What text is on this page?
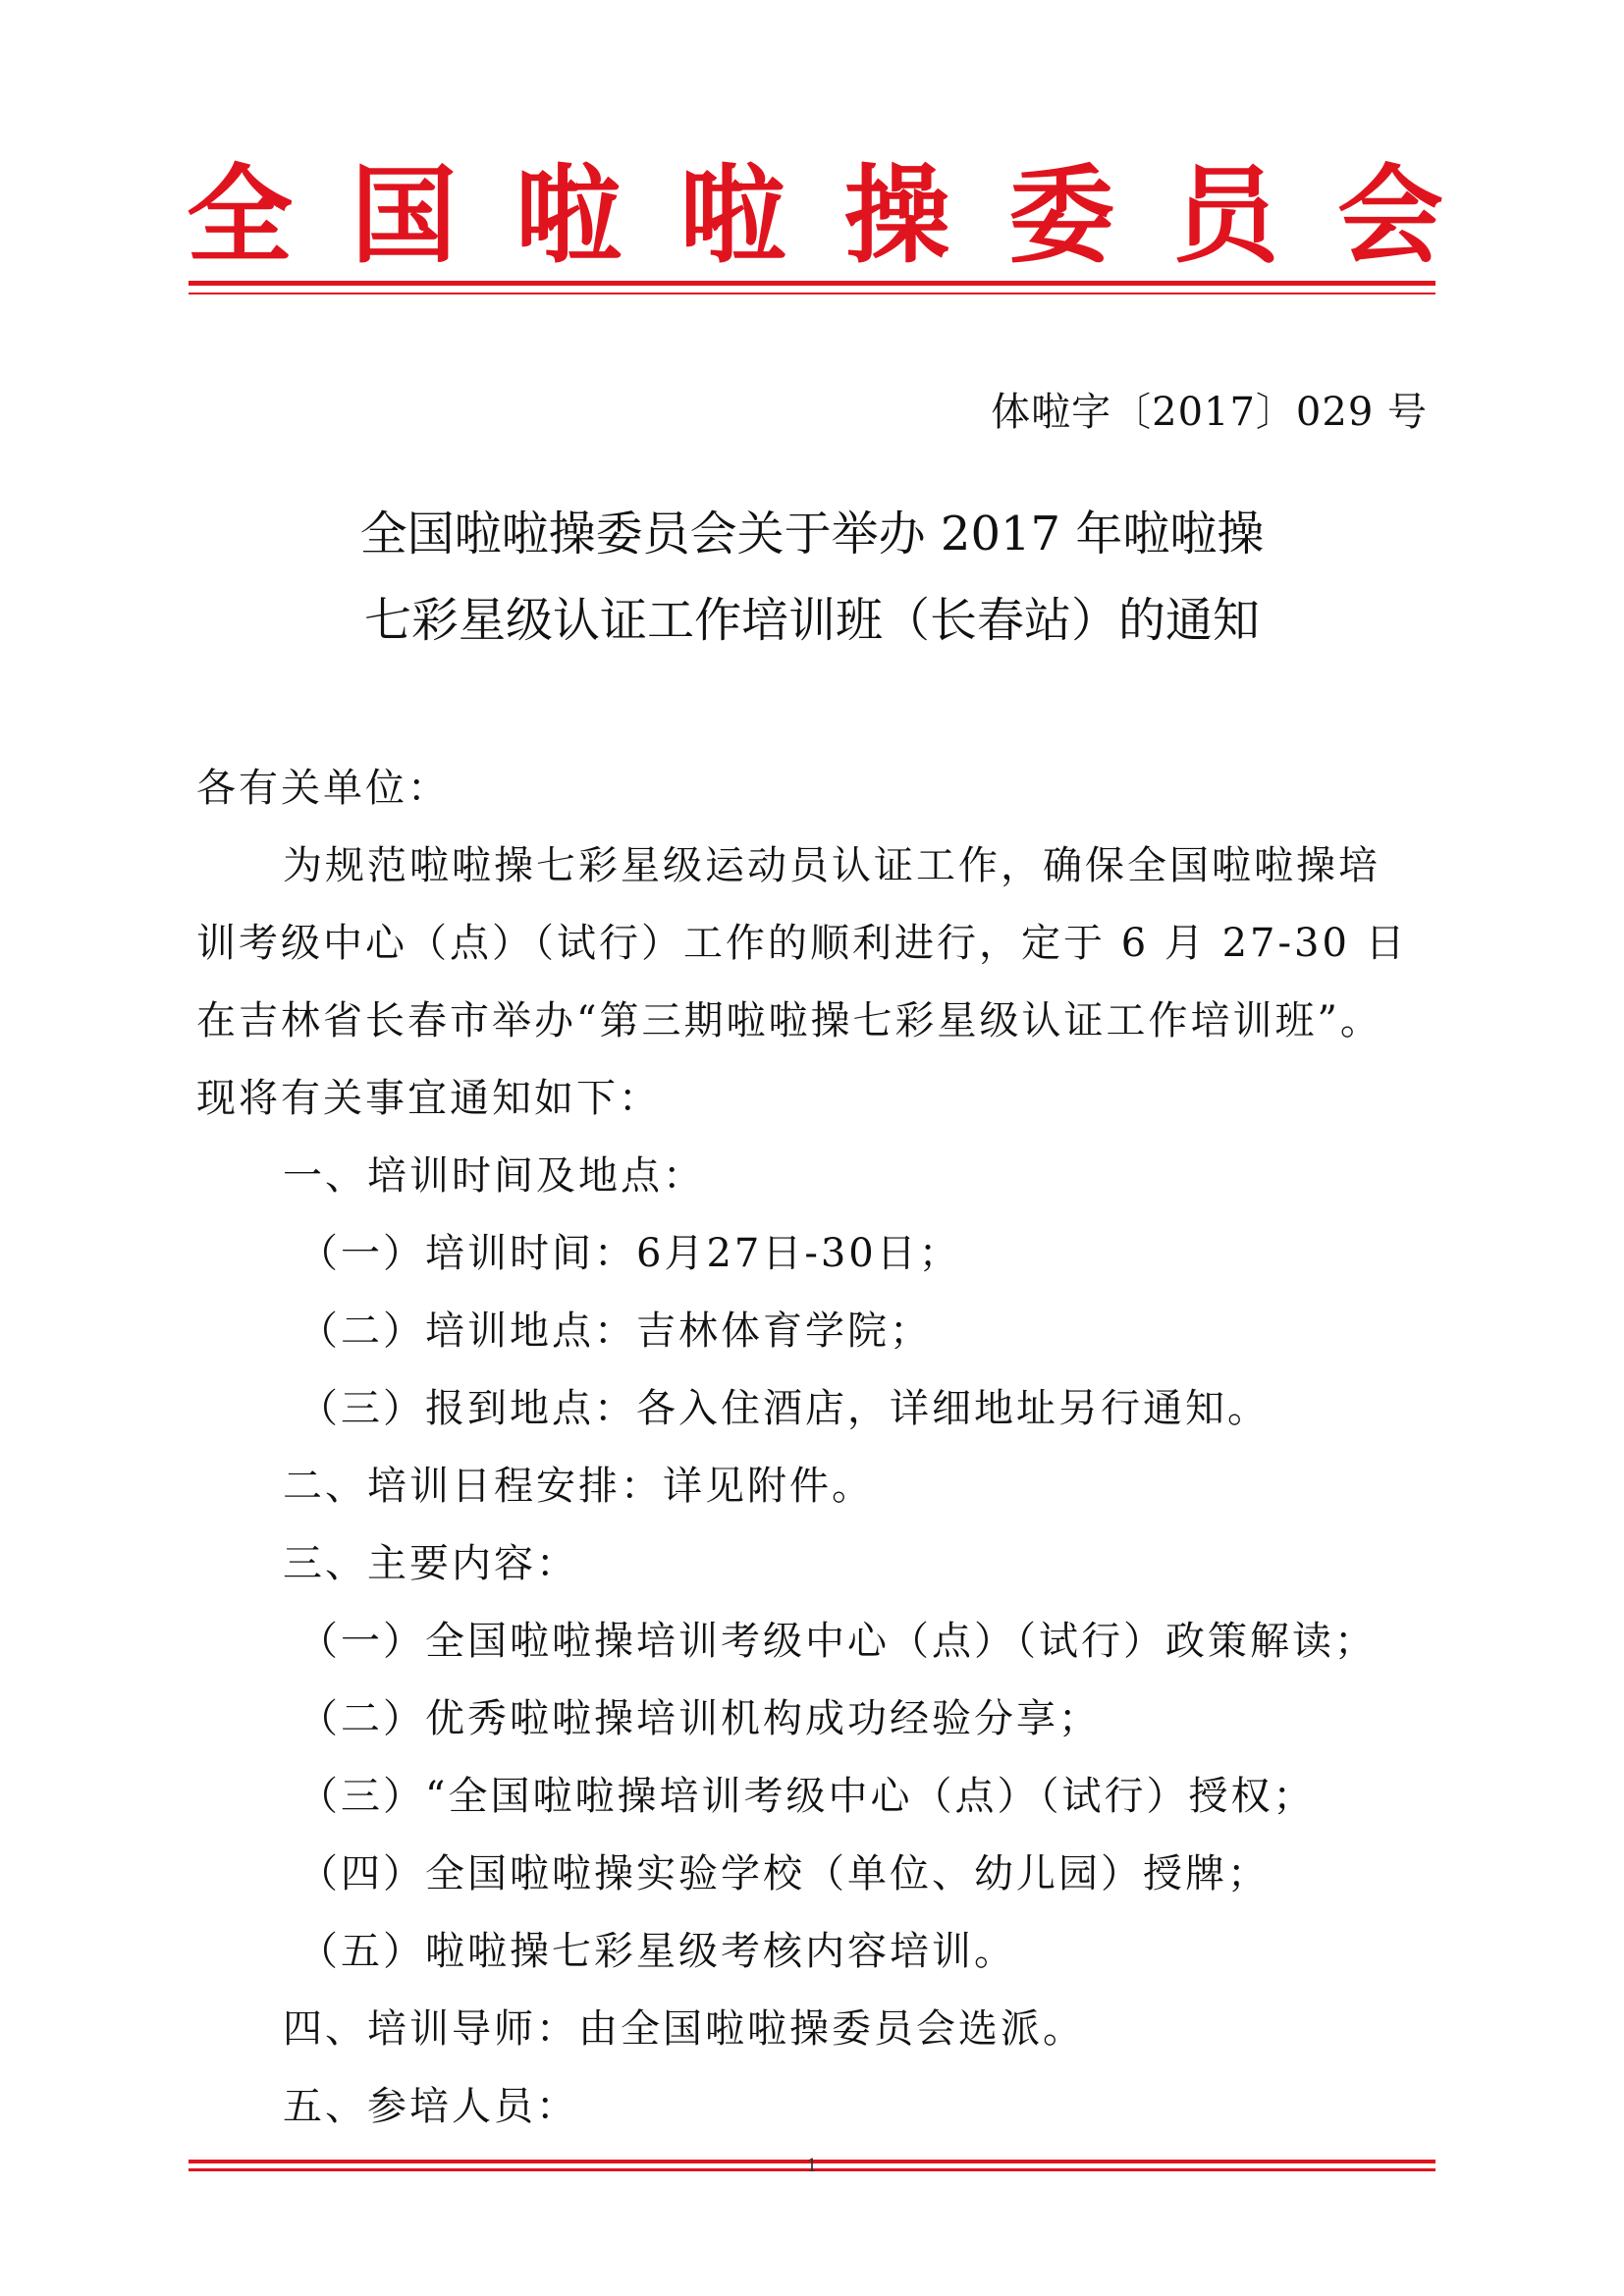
全 国 啦 啦 操 委 员 会
体啦字〔2017〕029 号
全国啦啦操委员会关于举办 2017 年啦啦操
七彩星级认证工作培训班（长春站）的通知
各有关单位：
为规范啦啦操七彩星级运动员认证工作，确保全国啦啦操培
训考级中心（点）（试行）工作的顺利进行，定于 6 月 27-30 日
在吉林省长春市举办“第三期啦啦操七彩星级认证工作培训班”。
现将有关事宜通知如下：
一、培训时间及地点：
（一）培训时间：6月27日-30日；
（二）培训地点：吉林体育学院；
（三）报到地点：各入住酒店，详细地址另行通知。
二、培训日程安排：详见附件。
三、主要内容：
（一）全国啦啦操培训考级中心（点）（试行）政策解读；
（二）优秀啦啦操培训机构成功经验分享；
（三）“全国啦啦操培训考级中心（点）（试行）授权；
（四）全国啦啦操实验学校（单位、幼儿园）授牌；
（五）啦啦操七彩星级考核内容培训。
四、培训导师：由全国啦啦操委员会选派。
五、参培人员：
1
